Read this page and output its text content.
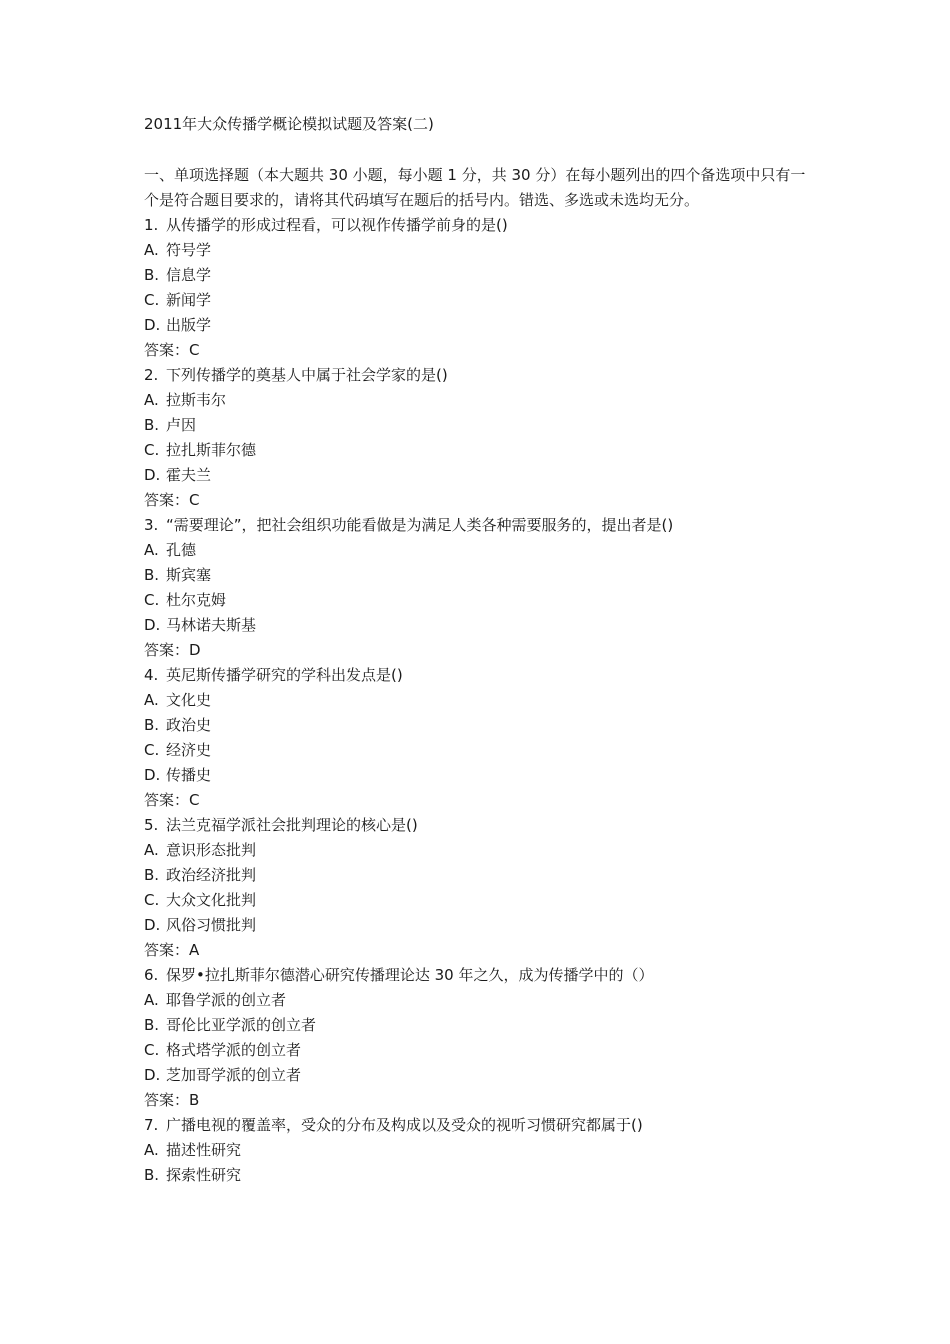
2011年大众传播学概论模拟试题及答案(二)

一、单项选择题（本大题共 30 小题，每小题 1 分，共 30 分）在每小题列出的四个备选项中只有一个是符合题目要求的，请将其代码填写在题后的括号内。错选、多选或未选均无分。

1. 从传播学的形成过程看，可以视作传播学前身的是()
A. 符号学
B. 信息学
C. 新闻学
D. 出版学
答案：C
2. 下列传播学的奠基人中属于社会学家的是()
A. 拉斯韦尔
B. 卢因
C. 拉扎斯菲尔德
D. 霍夫兰
答案：C
3. “需要理论”，把社会组织功能看做是为满足人类各种需要服务的，提出者是()
A. 孔德
B. 斯宾塞
C. 杜尔克姆
D. 马林诺夫斯基
答案：D
4. 英尼斯传播学研究的学科出发点是()
A. 文化史
B. 政治史
C. 经济史
D. 传播史
答案：C
5. 法兰克福学派社会批判理论的核心是()
A. 意识形态批判
B. 政治经济批判
C. 大众文化批判
D. 风俗习惯批判
答案：A
6. 保罗•拉扎斯菲尔德潜心研究传播理论达 30 年之久，成为传播学中的（）
A. 耶鲁学派的创立者
B. 哥伦比亚学派的创立者
C. 格式塔学派的创立者
D. 芝加哥学派的创立者
答案：B
7. 广播电视的覆盖率，受众的分布及构成以及受众的视听习惯研究都属于()
A. 描述性研究
B. 探索性研究
